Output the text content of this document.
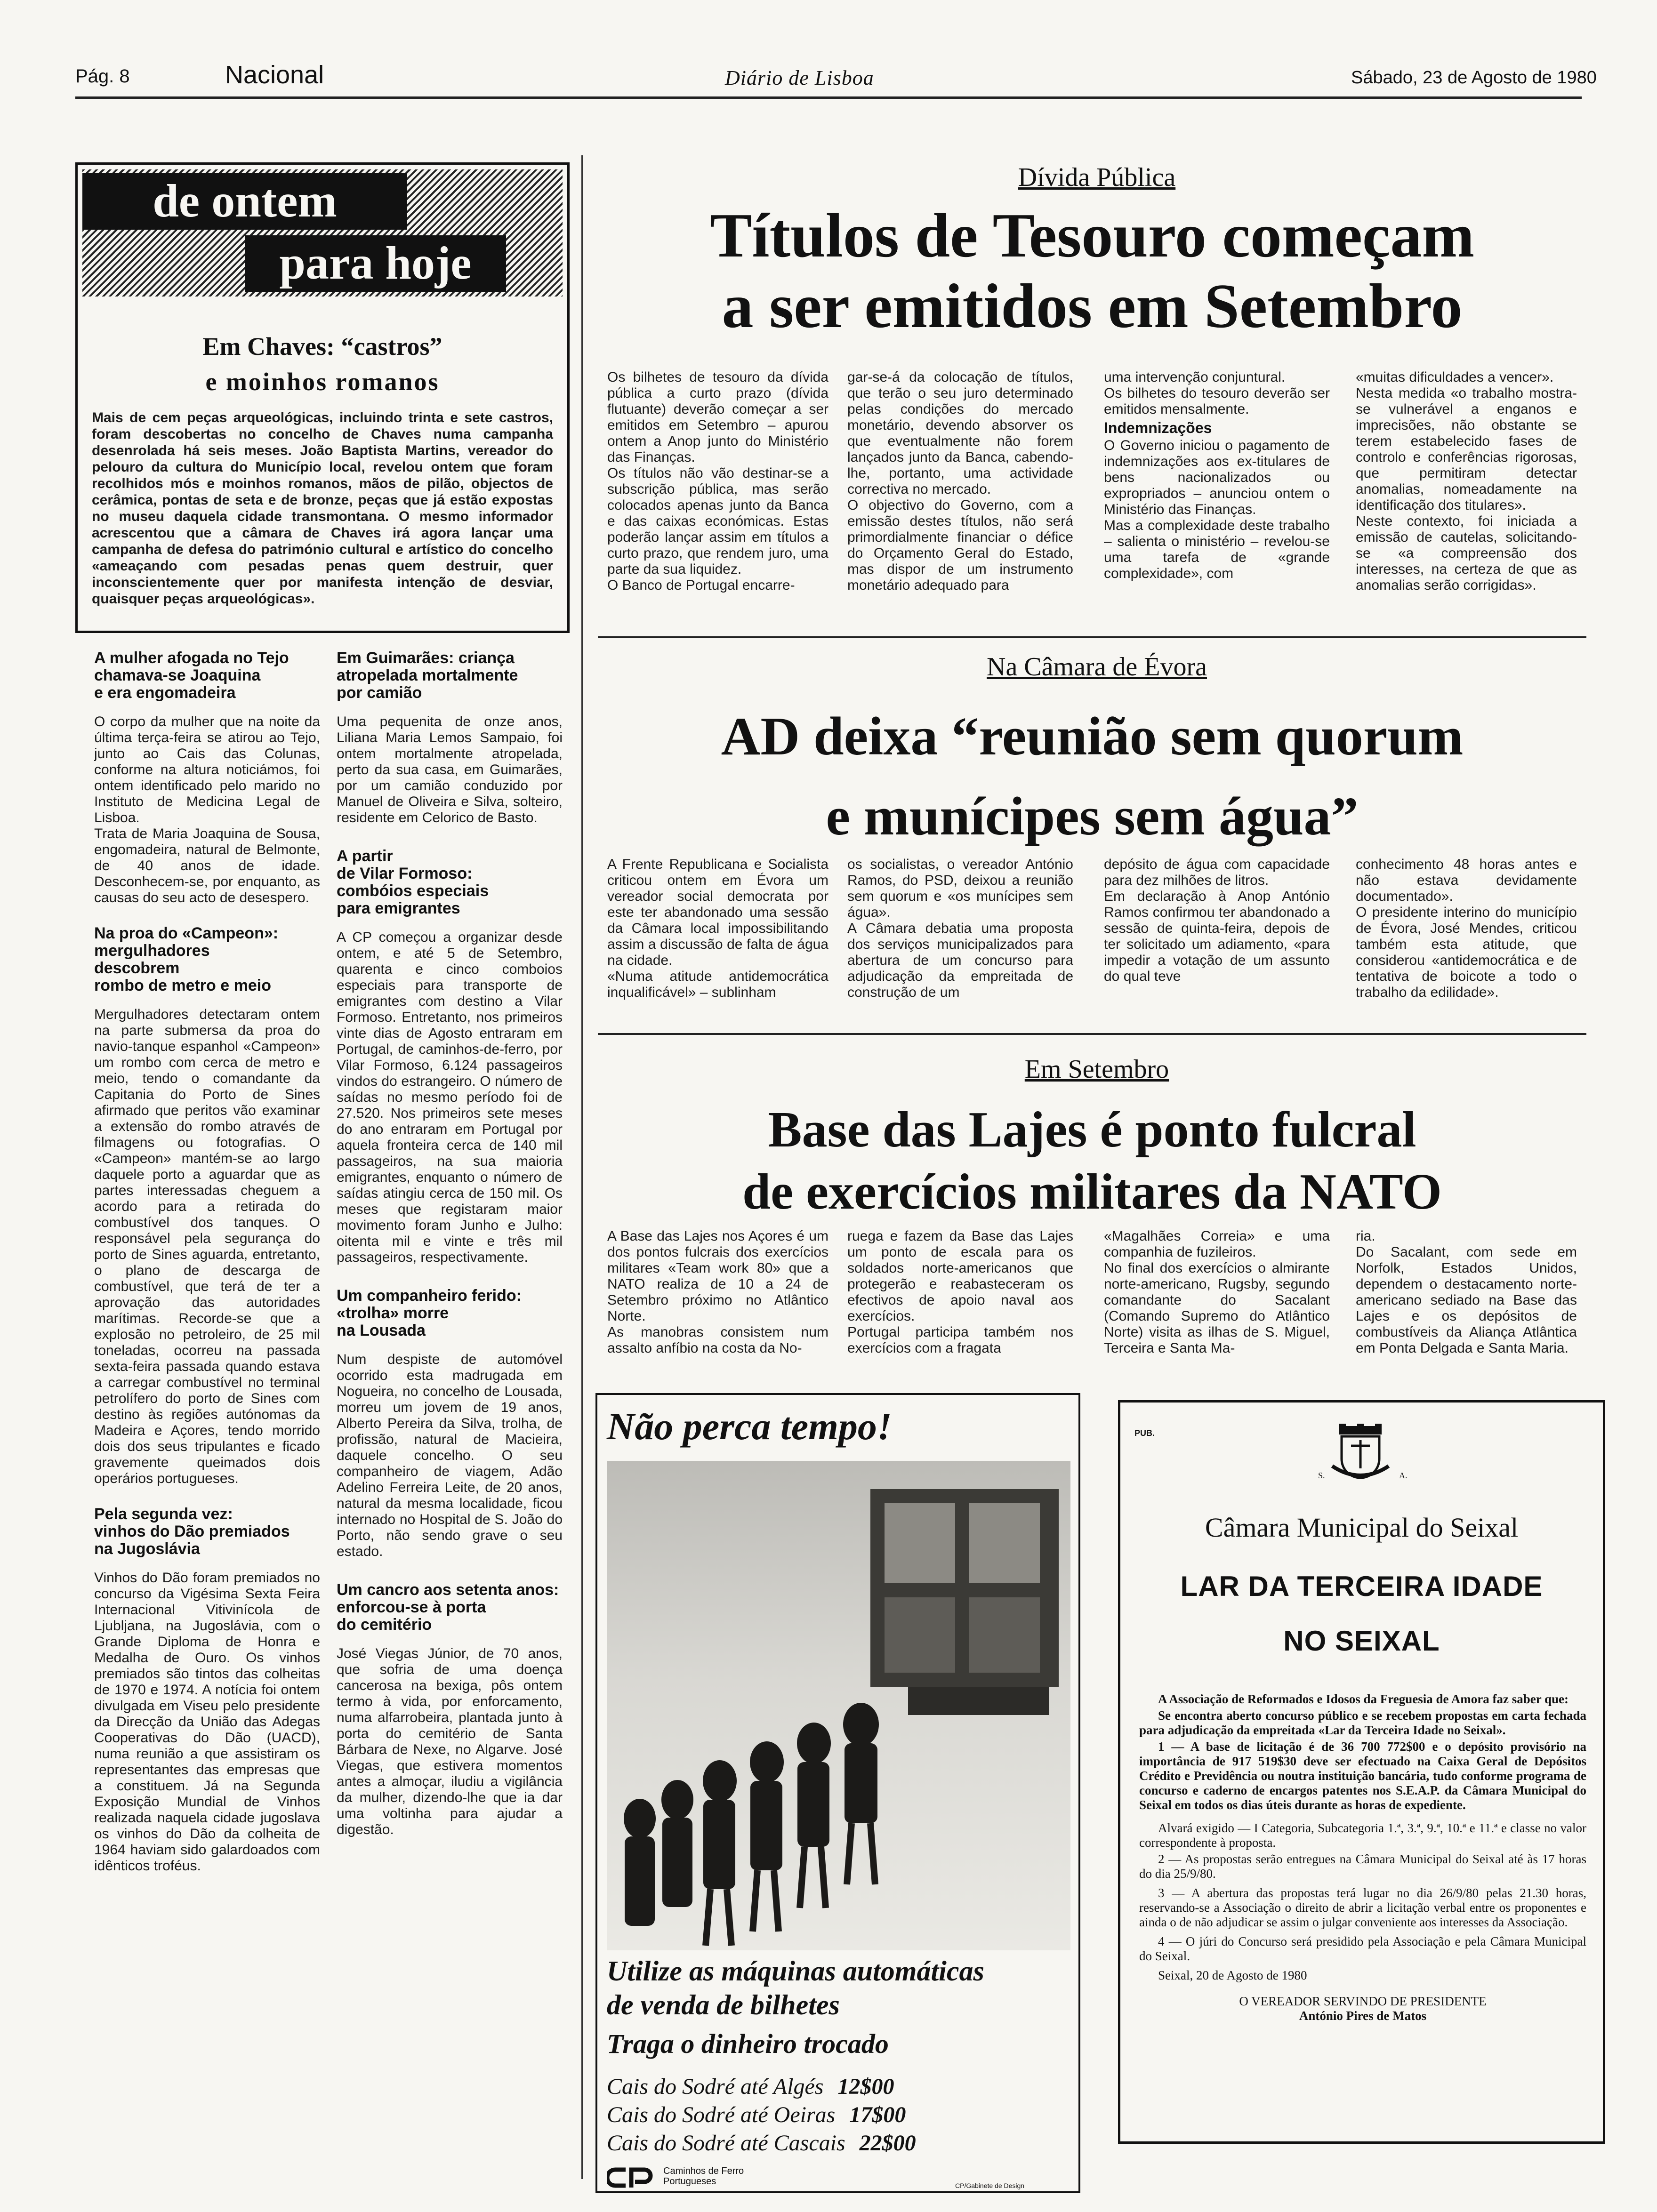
Pág. 8	Nacional	Diário de Lisboa	Sábado, 23 de Agosto de 1980
de ontem
para hoje
Em Chaves: “castros”
e moinhos romanos

Mais de cem peças arqueológicas, incluindo trinta e sete castros, foram descobertas no concelho de Chaves numa campanha desenrolada há seis meses. João Baptista Martins, vereador do pelouro da cultura do Município local, revelou ontem que foram recolhidos mós e moinhos romanos, mãos de pilão, objectos de cerâmica, pontas de seta e de bronze, peças que já estão expostas no museu daquela cidade transmontana. O mesmo informador acrescentou que a câmara de Chaves irá agora lançar uma campanha de defesa do património cultural e artístico do concelho «ameaçando com pesadas penas quem destruir, quer inconscientemente quer por manifesta intenção de desviar, quaisquer peças arqueológicas».

A mulher afogada no Tejo
chamava-se Joaquina
e era engomadeira

O corpo da mulher que na noite da última terça-feira se atirou ao Tejo, junto ao Cais das Colunas, conforme na altura noticiámos, foi ontem identificado pelo marido no Instituto de Medicina Legal de Lisboa.
Trata de Maria Joaquina de Sousa, engomadeira, natural de Belmonte, de 40 anos de idade. Desconhecem-se, por enquanto, as causas do seu acto de desespero.

Na proa do «Campeon»:
mergulhadores
descobrem
rombo de metro e meio

Mergulhadores detectaram ontem na parte submersa da proa do navio-tanque espanhol «Campeon» um rombo com cerca de metro e meio, tendo o comandante da Capitania do Porto de Sines afirmado que peritos vão examinar a extensão do rombo através de filmagens ou fotografias. O «Campeon» mantém-se ao largo daquele porto a aguardar que as partes interessadas cheguem a acordo para a retirada do combustível dos tanques. O responsável pela segurança do porto de Sines aguarda, entretanto, o plano de descarga de combustível, que terá de ter a aprovação das autoridades marítimas. Recorde-se que a explosão no petroleiro, de 25 mil toneladas, ocorreu na passada sexta-feira passada quando estava a carregar combustível no terminal petrolífero do porto de Sines com destino às regiões autónomas da Madeira e Açores, tendo morrido dois dos seus tripulantes e ficado gravemente queimados dois operários portugueses.

Pela segunda vez:
vinhos do Dão premiados
na Jugoslávia

Vinhos do Dão foram premiados no concurso da Vigésima Sexta Feira Internacional Vitivinícola de Ljubljana, na Jugoslávia, com o Grande Diploma de Honra e Medalha de Ouro. Os vinhos premiados são tintos das colheitas de 1970 e 1974. A notícia foi ontem divulgada em Viseu pelo presidente da Direcção da União das Adegas Cooperativas do Dão (UACD), numa reunião a que assistiram os representantes das empresas que a constituem. Já na Segunda Exposição Mundial de Vinhos realizada naquela cidade jugoslava os vinhos do Dão da colheita de 1964 haviam sido galardoados com idênticos troféus.

Em Guimarães: criança
atropelada mortalmente
por camião

Uma pequenita de onze anos, Liliana Maria Lemos Sampaio, foi ontem mortalmente atropelada, perto da sua casa, em Guimarães, por um camião conduzido por Manuel de Oliveira e Silva, solteiro, residente em Celorico de Basto.

A partir
de Vilar Formoso:
combóios especiais
para emigrantes

A CP começou a organizar desde ontem, e até 5 de Setembro, quarenta e cinco comboios especiais para transporte de emigrantes com destino a Vilar Formoso. Entretanto, nos primeiros vinte dias de Agosto entraram em Portugal, de caminhos-de-ferro, por Vilar Formoso, 6.124 passageiros vindos do estrangeiro. O número de saídas no mesmo período foi de 27.520. Nos primeiros sete meses do ano entraram em Portugal por aquela fronteira cerca de 140 mil passageiros, na sua maioria emigrantes, enquanto o número de saídas atingiu cerca de 150 mil. Os meses que registaram maior movimento foram Junho e Julho: oitenta mil e vinte e três mil passageiros, respectivamente.

Um companheiro ferido:
«trolha» morre
na Lousada

Num despiste de automóvel ocorrido esta madrugada em Nogueira, no concelho de Lousada, morreu um jovem de 19 anos, Alberto Pereira da Silva, trolha, de profissão, natural de Macieira, daquele concelho. O seu companheiro de viagem, Adão Adelino Ferreira Leite, de 20 anos, natural da mesma localidade, ficou internado no Hospital de S. João do Porto, não sendo grave o seu estado.

Um cancro aos setenta anos:
enforcou-se à porta
do cemitério

José Viegas Júnior, de 70 anos, que sofria de uma doença cancerosa na bexiga, pôs ontem termo à vida, por enforcamento, numa alfarrobeira, plantada junto à porta do cemitério de Santa Bárbara de Nexe, no Algarve. José Viegas, que estivera momentos antes a almoçar, iludiu a vigilância da mulher, dizendo-lhe que ia dar uma voltinha para ajudar a digestão.

Dívida Pública

Títulos de Tesouro começam
a ser emitidos em Setembro

Os bilhetes de tesouro da dívida pública a curto prazo (dívida flutuante) deverão começar a ser emitidos em Setembro – apurou ontem a Anop junto do Ministério das Finanças.
Os títulos não vão destinar-se a subscrição pública, mas serão colocados apenas junto da Banca e das caixas económicas. Estas poderão lançar assim em títulos a curto prazo, que rendem juro, uma parte da sua liquidez.
O Banco de Portugal encarre-

gar-se-á da colocação de títulos, que terão o seu juro determinado pelas condições do mercado monetário, devendo absorver os que eventualmente não forem lançados junto da Banca, cabendo-lhe, portanto, uma actividade correctiva no mercado.
O objectivo do Governo, com a emissão destes títulos, não será primordialmente financiar o défice do Orçamento Geral do Estado, mas dispor de um instrumento monetário adequado para

uma intervenção conjuntural.
Os bilhetes do tesouro deverão ser emitidos mensalmente.

Indemnizações

O Governo iniciou o pagamento de indemnizações aos ex-titulares de bens nacionalizados ou expropriados – anunciou ontem o Ministério das Finanças.
Mas a complexidade deste trabalho – salienta o ministério – revelou-se uma tarefa de «grande complexidade», com

«muitas dificuldades a vencer».
Nesta medida «o trabalho mostra-se vulnerável a enganos e imprecisões, não obstante se terem estabelecido fases de controlo e conferências rigorosas, que permitiram detectar anomalias, nomeadamente na identificação dos titulares».
Neste contexto, foi iniciada a emissão de cautelas, solicitando-se «a compreensão dos interesses, na certeza de que as anomalias serão corrigidas».

Na Câmara de Évora

AD deixa “reunião sem quorum
e munícipes sem água”

A Frente Republicana e Socialista criticou ontem em Évora um vereador social democrata por este ter abandonado uma sessão da Câmara local impossibilitando assim a discussão de falta de água na cidade.
«Numa atitude antidemocrática inqualificável» – sublinham

os socialistas, o vereador António Ramos, do PSD, deixou a reunião sem quorum e «os munícipes sem água».
A Câmara debatia uma proposta dos serviços municipalizados para abertura de um concurso para adjudicação da empreitada de construção de um

depósito de água com capacidade para dez milhões de litros.
Em declaração à Anop António Ramos confirmou ter abandonado a sessão de quinta-feira, depois de ter solicitado um adiamento, «para impedir a votação de um assunto do qual teve

conhecimento 48 horas antes e não estava devidamente documentado».
O presidente interino do município de Évora, José Mendes, criticou também esta atitude, que considerou «antidemocrática e de tentativa de boicote a todo o trabalho da edilidade».

Em Setembro

Base das Lajes é ponto fulcral
de exercícios militares da NATO

A Base das Lajes nos Açores é um dos pontos fulcrais dos exercícios militares «Team work 80» que a NATO realiza de 10 a 24 de Setembro próximo no Atlântico Norte.
As manobras consistem num assalto anfíbio na costa da No-

ruega e fazem da Base das Lajes um ponto de escala para os soldados norte-americanos que protegerão e reabasteceram os efectivos de apoio naval aos exercícios.
Portugal participa também nos exercícios com a fragata

«Magalhães Correia» e uma companhia de fuzileiros.
No final dos exercícios o almirante norte-americano, Rugsby, segundo comandante do Sacalant (Comando Supremo do Atlântico Norte) visita as ilhas de S. Miguel, Terceira e Santa Ma-

ria.
Do Sacalant, com sede em Norfolk, Estados Unidos, dependem o destacamento norte-americano sediado na Base das Lajes e os depósitos de combustíveis da Aliança Atlântica em Ponta Delgada e Santa Maria.

Não perca tempo!
Utilize as máquinas automáticas
de venda de bilhetes
Traga o dinheiro trocado
Cais do Sodré até Algés 12$00
Cais do Sodré até Oeiras 17$00
Cais do Sodré até Cascais 22$00
Caminhos de Ferro
Portugueses	CP/Gabinete de Design
PUB.
S.	A.
Câmara Municipal do Seixal
LAR DA TERCEIRA IDADE
NO SEIXAL

A Associação de Reformados e Idosos da Freguesia de Amora faz saber que:

Se encontra aberto concurso público e se recebem propostas em carta fechada para adjudicação da empreitada «Lar da Terceira Idade no Seixal».

1 — A base de licitação é de 36 700 772$00 e o depósito provisório na importância de 917 519$30 deve ser efectuado na Caixa Geral de Depósitos Crédito e Previdência ou noutra instituição bancária, tudo conforme programa de concurso e caderno de encargos patentes nos S.E.A.P. da Câmara Municipal do Seixal em todos os dias úteis durante as horas de expediente.

Alvará exigido — I Categoria, Subcategoria 1.ª, 3.ª, 9.ª, 10.ª e 11.ª e classe no valor correspondente à proposta.

2 — As propostas serão entregues na Câmara Municipal do Seixal até às 17 horas do dia 25/9/80.

3 — A abertura das propostas terá lugar no dia 26/9/80 pelas 21.30 horas, reservando-se a Associação o direito de abrir a licitação verbal entre os proponentes e ainda o de não adjudicar se assim o julgar conveniente aos interesses da Associação.

4 — O júri do Concurso será presidido pela Associação e pela Câmara Municipal do Seixal.

Seixal, 20 de Agosto de 1980

O VEREADOR SERVINDO DE PRESIDENTE

António Pires de Matos
